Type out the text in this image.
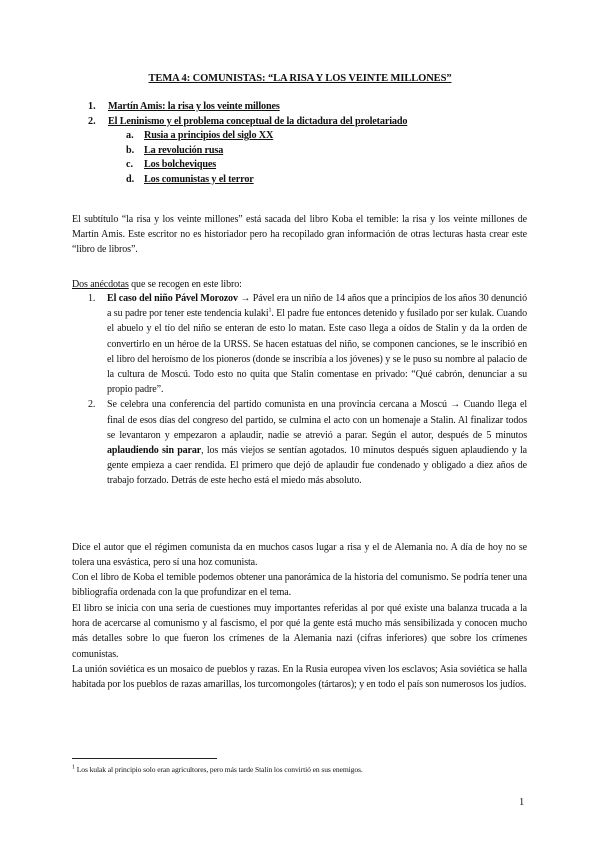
TEMA 4: COMUNISTAS: “LA RISA Y LOS VEINTE MILLONES”
1.	Martín Amis: la risa y los veinte millones
2.	El Leninismo y el problema conceptual de la dictadura del proletariado
a.	Rusia a principios del siglo XX
b. La revolución rusa
c.	Los bolcheviques
d. Los comunistas y el terror
El subtítulo “la risa y los veinte millones” está sacada del libro Koba el temible: la risa y los veinte millones de Martín Amis. Este escritor no es historiador pero ha recopilado gran información de otras lecturas hasta crear este “libro de libros”.
Dos anécdotas que se recogen en este libro:
1.	El caso del niño Pável Morozov → Pável era un niño de 14 años que a principios de los años 30 denunció a su padre por tener este tendencia kulaki$^1$. El padre fue entonces detenido y fusilado por ser kulak. Cuando el abuelo y el tío del niño se enteran de esto lo matan. Este caso llega a oídos de Stalin y da la orden de convertirlo en un héroe de la URSS. Se hacen estatuas del niño, se componen canciones, se le inscribió en el libro del heroísmo de los pioneros (donde se inscribía a los jóvenes) y se le puso su nombre al palacio de la cultura de Moscú. Todo esto no quita que Stalin comentase en privado: “Qué cabrón, denunciar a su propio padre”.
2.	Se celebra una conferencia del partido comunista en una provincia cercana a Moscú → Cuando llega el final de esos días del congreso del partido, se culmina el acto con un homenaje a Stalin. Al finalizar todos se levantaron y empezaron a aplaudir, nadie se atrevió a parar. Según el autor, después de 5 minutos aplaudiendo sin parar, los más viejos se sentían agotados. 10 minutos después siguen aplaudiendo y la gente empieza a caer rendida. El primero que dejó de aplaudir fue condenado y obligado a diez años de trabajo forzado. Detrás de este hecho está el miedo más absoluto.
Dice el autor que el régimen comunista da en muchos casos lugar a risa y el de Alemania no. A día de hoy no se tolera una esvástica, pero sí una hoz comunista.
Con el libro de Koba el temible podemos obtener una panorámica de la historia del comunismo. Se podría tener una bibliografía ordenada con la que profundizar en el tema.
El libro se inicia con una seria de cuestiones muy importantes referidas al por qué existe una balanza trucada a la hora de acercarse al comunismo y al fascismo, el por qué la gente está mucho más sensibilizada y conocen mucho más detalles sobre lo que fueron los crímenes de la Alemania nazi (cifras inferiores) que sobre los crímenes comunistas.
La unión soviética es un mosaico de pueblos y razas. En la Rusia europea viven los esclavos; Asia soviética se halla habitada por los pueblos de razas amarillas, los turcomongoles (tártaros); y en todo el país son numerosos los judíos.
$^1$ Los kulak al principio solo eran agricultores, pero más tarde Stalin los convirtió en sus enemigos.
1
